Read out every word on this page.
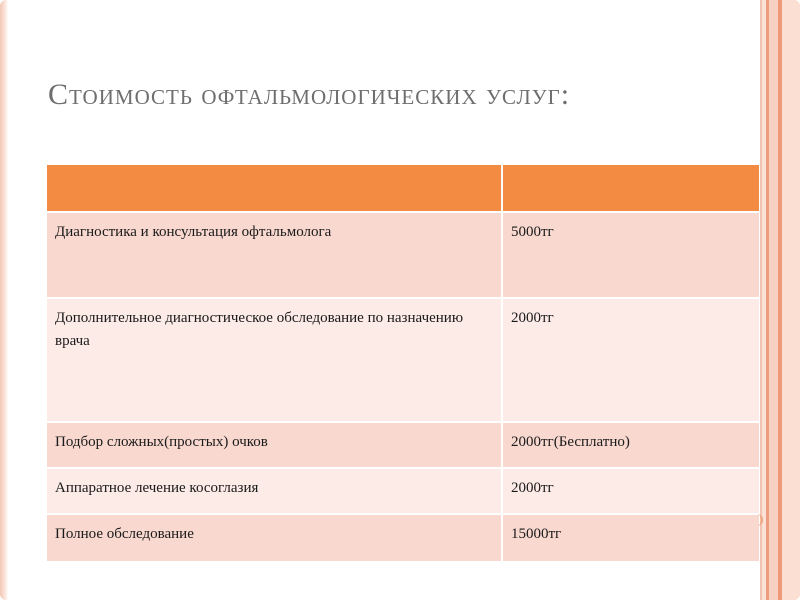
Стоимость офтальмологических услуг:

Диагностика и консультация офтальмолога	5000тг
Дополнительное диагностическое обследование по назначению врача	2000тг
Подбор сложных(простых) очков	2000тг(Бесплатно)
Аппаратное лечение косоглазия	2000тг
Полное обследование	15000тг
